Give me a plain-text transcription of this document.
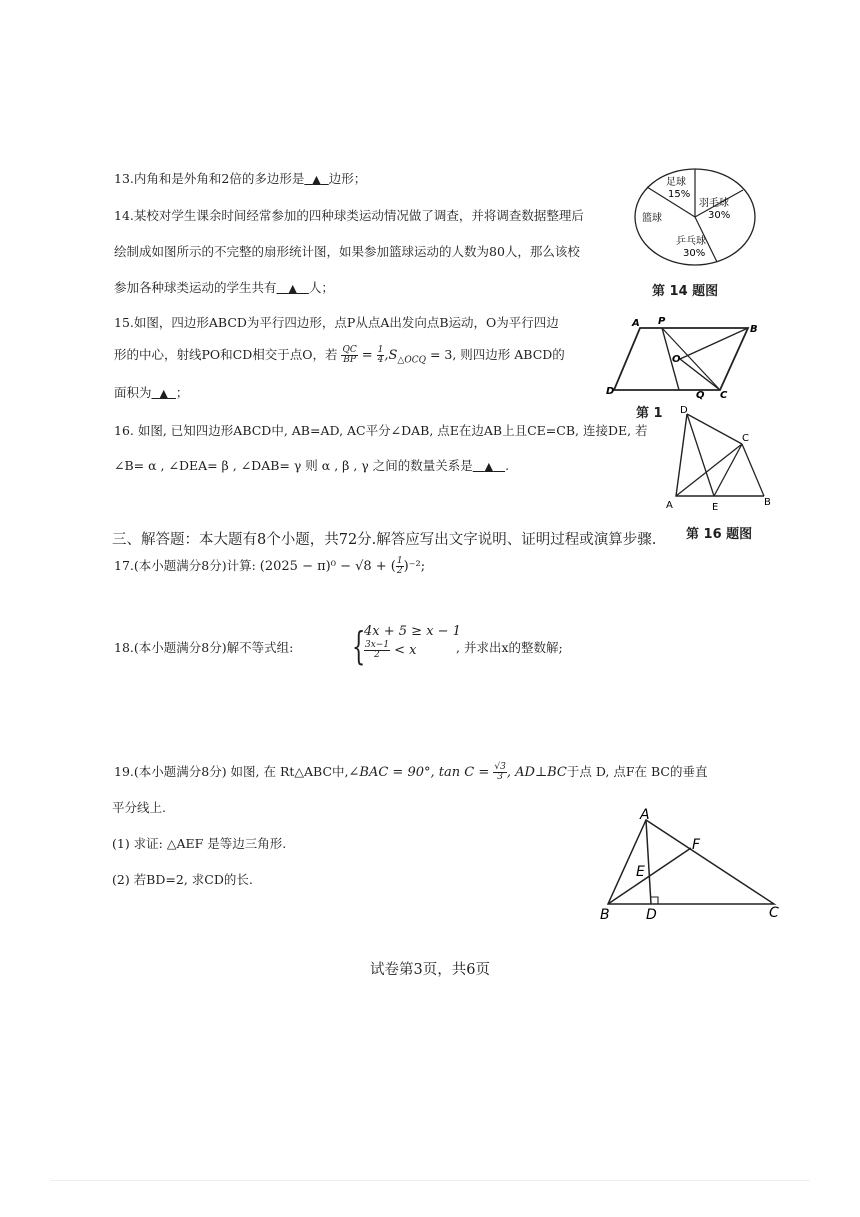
13.内角和是外角和2倍的多边形是 ▲ 边形；
14.某校对学生课余时间经常参加的四种球类运动情况做了调查，并将调查数据整理后
绘制成如图所示的不完整的扇形统计图，如果参加篮球运动的人数为80人，那么该校
参加各种球类运动的学生共有 ▲ 人；
足球
15%
羽毛球
30%
乒乓球
30%
篮球
第 14 题图
15.如图，四边形ABCD为平行四边形，点P从点A出发向点B运动，O为平行四边
形的中心，射线PO和CD相交于点O，若 $\frac{QC}{BP} = \frac{1}{4} ,S_{\triangle OCQ} = 3$, 则四边形 ABCD的
面积为 ▲ ；
A P
B
O
D	Q C
第 1
16. 如图, 已知四边形ABCD中, AB=AD, AC平分∠DAB, 点E在边AB上且CE=CB, 连接DE, 若
∠B= α , ∠DEA= β , ∠DAB= γ 则 α , β , γ 之间的数量关系是 ▲ .
D
C
A	E	B
三、解答题：本大题有8个小题，共72分.解答应写出文字说明、证明过程或演算步骤. 第 16 题图
17.(本小题满分8分)计算: (2025 − π)⁰ − √8 + ( $\frac{1}{2} )^{-2}$;
18.(本小题满分8分)解不等式组: {
4x + 5 ≥ x − 1
$\frac{3x-1}{2} < x$	, 并求出x的整数解;
19.(本小题满分8分) 如图, 在 Rt△ABC中,∠BAC = 90°, $\tan C = \frac{√3}{3}$ , AD⊥BC于点 D, 点F在 BC的垂直
平分线上.
(1) 求证: △AEF 是等边三角形.
(2) 若BD=2, 求CD的长.
A
F
E
B	D	C
试卷第3页，共6页
